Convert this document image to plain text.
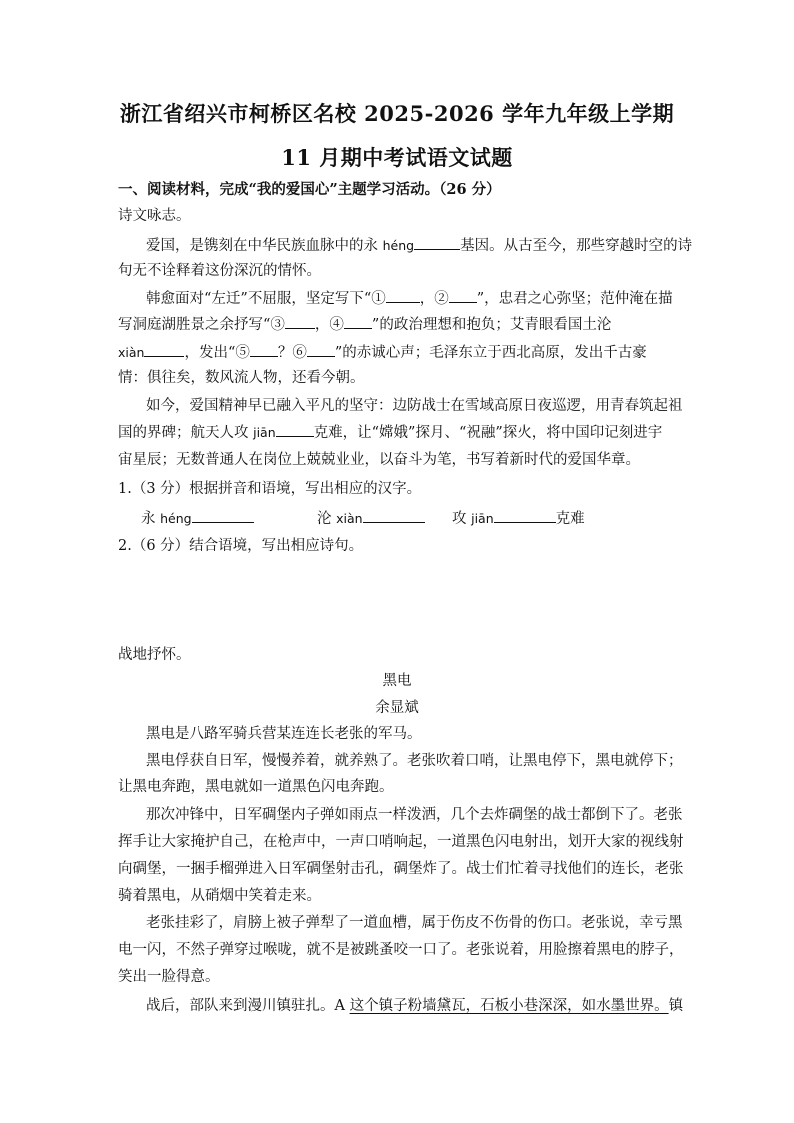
浙江省绍兴市柯桥区名校 2025-2026 学年九年级上学期
11 月期中考试语文试题
一、阅读材料，完成“我的爱国心”主题学习活动。（26 分）
诗文咏志。
爱国，是镌刻在中华民族血脉中的永 héng	基因。从古至今，那些穿越时空的诗
句无不诠释着这份深沉的情怀。
韩愈面对“左迁”不屈服，坚定写下“① ，② ”，忠君之心弥坚；范仲淹在描
写洞庭湖胜景之余抒写“③ ，④ ”的政治理想和抱负；艾青眼看国土沦
xiàn	，发出“⑤ ？⑥ ”的赤诚心声；毛泽东立于西北高原，发出千古豪
情：俱往矣，数风流人物，还看今朝。
如今，爱国精神早已融入平凡的坚守：边防战士在雪域高原日夜巡逻，用青春筑起祖
国的界碑；航天人攻 jiān	克难，让“嫦娥”探月、“祝融”探火，将中国印记刻进宇
宙星辰；无数普通人在岗位上兢兢业业，以奋斗为笔，书写着新时代的爱国华章。
1.（3 分）根据拼音和语境，写出相应的汉字。
永 héng	沦 xiàn	攻 jiān	克难
2.（6 分）结合语境，写出相应诗句。
战地抒怀。
黑电
余显斌
黑电是八路军骑兵营某连连长老张的军马。
黑电俘获自日军，慢慢养着，就养熟了。老张吹着口哨，让黑电停下，黑电就停下；
让黑电奔跑，黑电就如一道黑色闪电奔跑。
那次冲锋中，日军碉堡内子弹如雨点一样泼洒，几个去炸碉堡的战士都倒下了。老张
挥手让大家掩护自己，在枪声中，一声口哨响起，一道黑色闪电射出，划开大家的视线射
向碉堡，一捆手榴弹进入日军碉堡射击孔，碉堡炸了。战士们忙着寻找他们的连长，老张
骑着黑电，从硝烟中笑着走来。
老张挂彩了，肩膀上被子弹犁了一道血槽，属于伤皮不伤骨的伤口。老张说，幸亏黑
电一闪，不然子弹穿过喉咙，就不是被跳蚤咬一口了。老张说着，用脸擦着黑电的脖子，
笑出一脸得意。
战后，部队来到漫川镇驻扎。A 这个镇子粉墙黛瓦，石板小巷深深，如水墨世界。镇
